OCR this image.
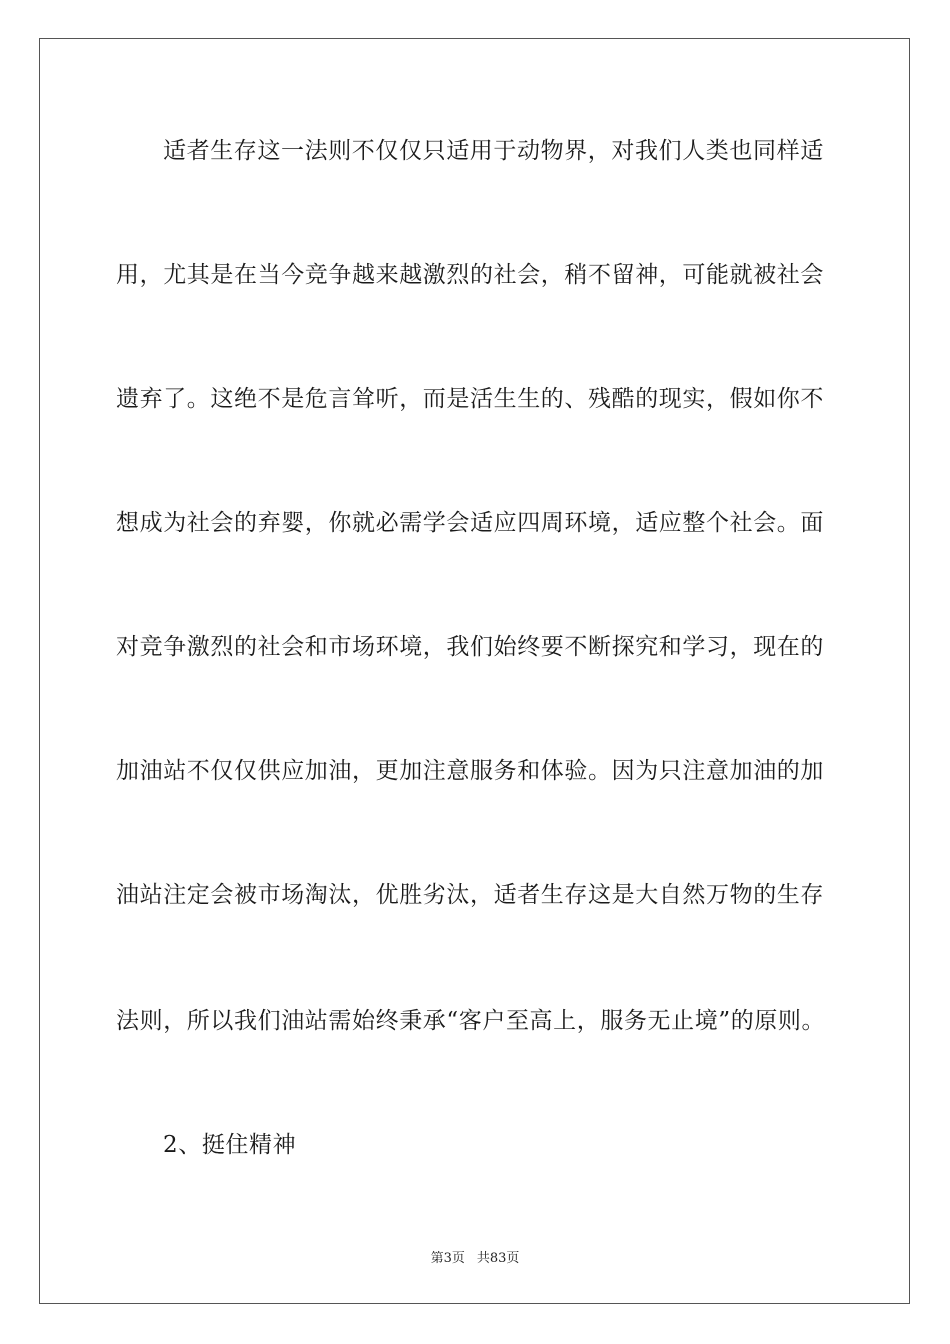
适者生存这一法则不仅仅只适用于动物界，对我们人类也同样适

用，尤其是在当今竞争越来越激烈的社会，稍不留神，可能就被社会

遗弃了。这绝不是危言耸听，而是活生生的、残酷的现实，假如你不

想成为社会的弃婴，你就必需学会适应四周环境，适应整个社会。面

对竞争激烈的社会和市场环境，我们始终要不断探究和学习，现在的

加油站不仅仅供应加油，更加注意服务和体验。因为只注意加油的加

油站注定会被市场淘汰，优胜劣汰，适者生存这是大自然万物的生存

法则，所以我们油站需始终秉承“客户至高上，服务无止境”的原则。

2、挺住精神

第3页 共83页
